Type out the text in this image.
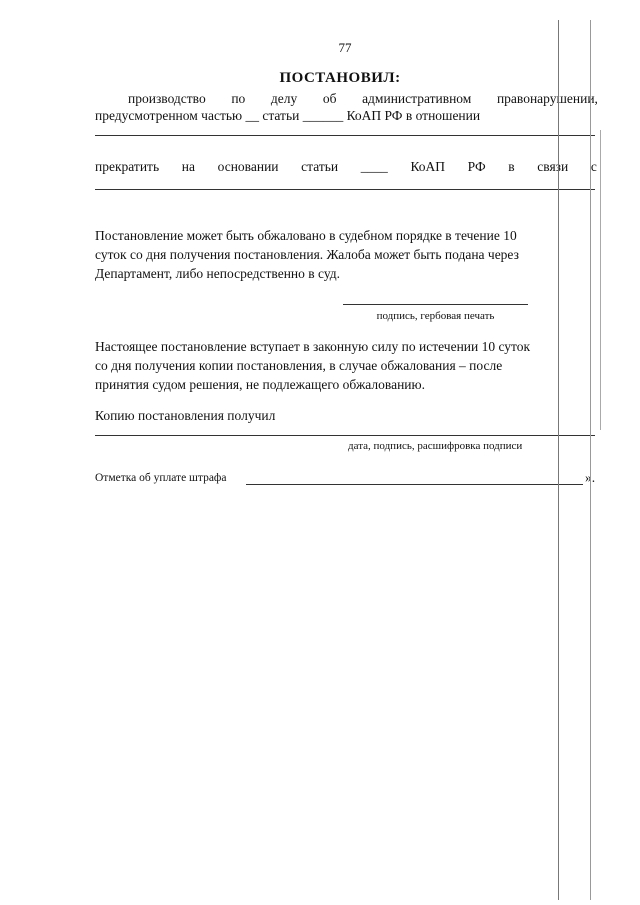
77
ПОСТАНОВИЛ:
производство по делу об административном правонарушении,
предусмотренном частью __ статьи ______ КоАП РФ в отношении
прекратить на основании статьи ____ КоАП РФ в связи с
Постановление может быть обжаловано в судебном порядке в течение 10
суток со дня получения постановления. Жалоба может быть подана через
Департамент, либо непосредственно в суд.
подпись, гербовая печать
Настоящее постановление вступает в законную силу по истечении 10 суток
со дня получения копии постановления, в случае обжалования – после
принятия судом решения, не подлежащего обжалованию.
Копию постановления получил
дата, подпись, расшифровка подписи
Отметка об уплате штрафа	».
